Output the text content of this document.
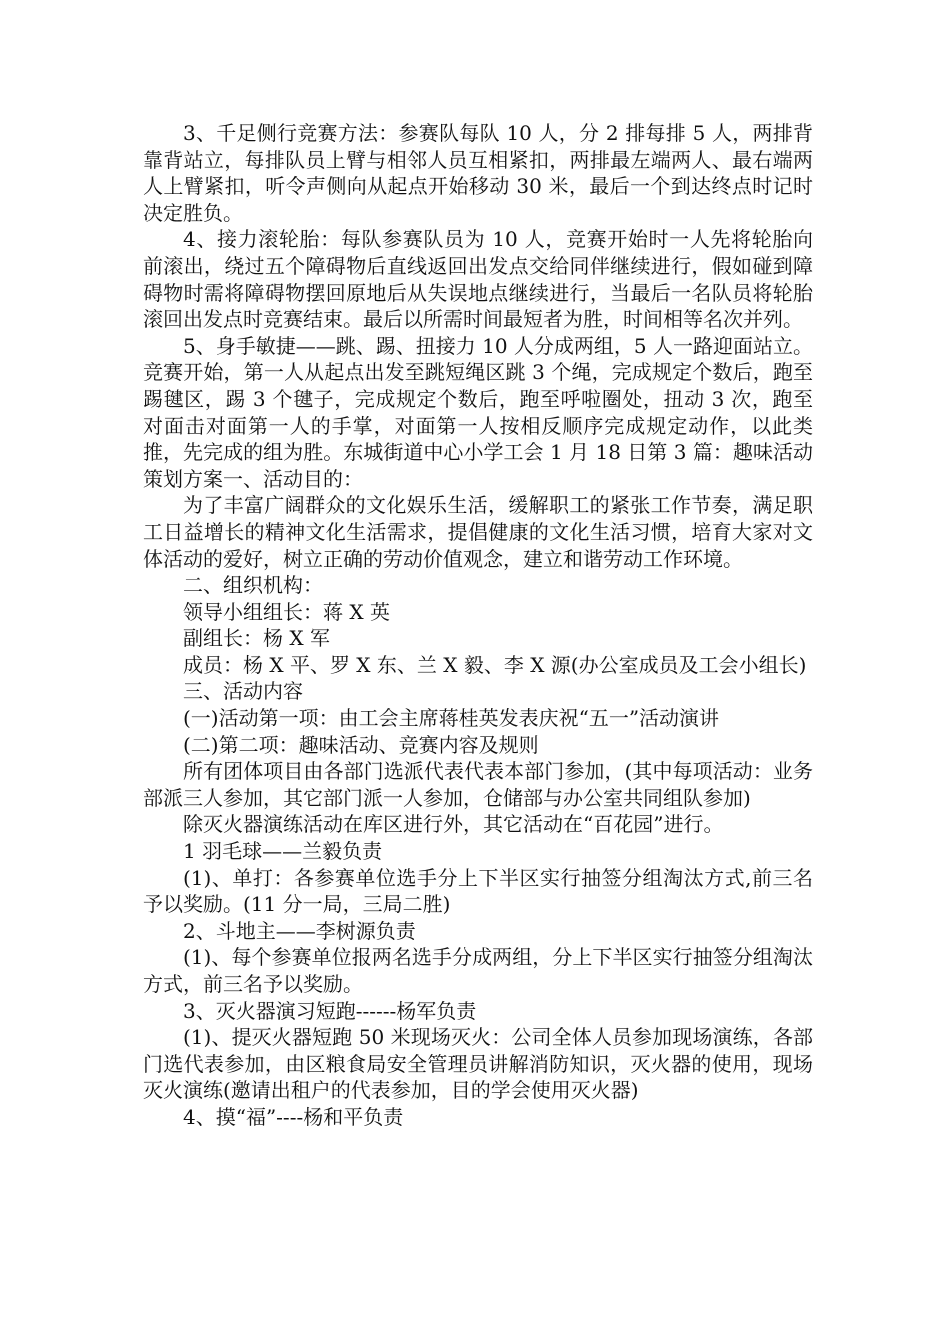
3、千足侧行竞赛方法：参赛队每队 10 人，分 2 排每排 5 人，两排背靠背站立，每排队员上臂与相邻人员互相紧扣，两排最左端两人、最右端两人上臂紧扣，听令声侧向从起点开始移动 30 米，最后一个到达终点时记时决定胜负。

4、接力滚轮胎：每队参赛队员为 10 人，竞赛开始时一人先将轮胎向前滚出，绕过五个障碍物后直线返回出发点交给同伴继续进行，假如碰到障碍物时需将障碍物摆回原地后从失误地点继续进行，当最后一名队员将轮胎滚回出发点时竞赛结束。最后以所需时间最短者为胜，时间相等名次并列。

5、身手敏捷——跳、踢、扭接力 10 人分成两组，5 人一路迎面站立。竞赛开始，第一人从起点出发至跳短绳区跳 3 个绳，完成规定个数后，跑至踢毽区，踢 3 个毽子，完成规定个数后，跑至呼啦圈处，扭动 3 次，跑至对面击对面第一人的手掌，对面第一人按相反顺序完成规定动作，以此类推，先完成的组为胜。东城街道中心小学工会 1 月 18 日第 3 篇：趣味活动策划方案一、活动目的：

为了丰富广阔群众的文化娱乐生活，缓解职工的紧张工作节奏，满足职工日益增长的精神文化生活需求，提倡健康的文化生活习惯，培育大家对文体活动的爱好，树立正确的劳动价值观念，建立和谐劳动工作环境。

二、组织机构：

领导小组组长：蒋 X 英

副组长：杨 X 军

成员：杨 X 平、罗 X 东、兰 X 毅、李 X 源(办公室成员及工会小组长)

三、活动内容

(一)活动第一项：由工会主席蒋桂英发表庆祝“五一”活动演讲

(二)第二项：趣味活动、竞赛内容及规则

所有团体项目由各部门选派代表代表本部门参加，(其中每项活动：业务部派三人参加，其它部门派一人参加，仓储部与办公室共同组队参加)

除灭火器演练活动在库区进行外，其它活动在“百花园”进行。

1 羽毛球——兰毅负责

(1)、单打：各参赛单位选手分上下半区实行抽签分组淘汰方式,前三名予以奖励。(11 分一局，三局二胜)

2、斗地主——李树源负责

(1)、每个参赛单位报两名选手分成两组，分上下半区实行抽签分组淘汰方式，前三名予以奖励。

3、灭火器演习短跑------杨军负责

(1)、提灭火器短跑 50 米现场灭火：公司全体人员参加现场演练，各部门选代表参加，由区粮食局安全管理员讲解消防知识，灭火器的使用，现场灭火演练(邀请出租户的代表参加，目的学会使用灭火器)

4、摸“福”----杨和平负责
